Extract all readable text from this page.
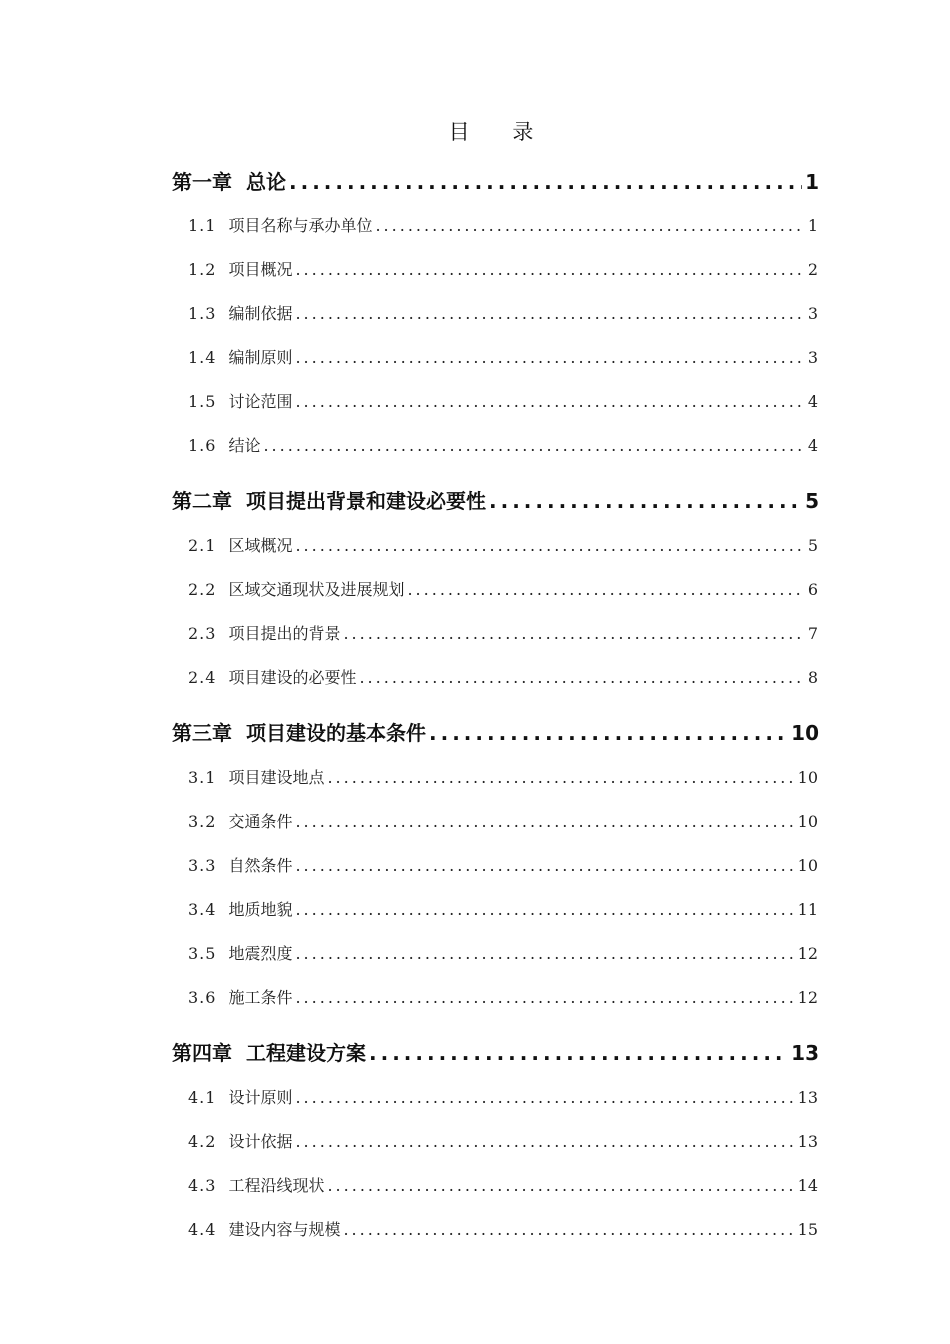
目 录
第一章 总论 .....	1
1.1 项目名称与承办单位 .....	1
1.2 项目概况 .....	2
1.3 编制依据 .....	3
1.4 编制原则 .....	3
1.5 讨论范围 .....	4
1.6 结论 .....	4
第二章 项目提出背景和建设必要性 .....	5
2.1 区域概况 .....	5
2.2 区域交通现状及进展规划 .....	6
2.3 项目提出的背景 .....	7
2.4 项目建设的必要性 .....	8
第三章 项目建设的基本条件 .....	10
3.1 项目建设地点 .....	10
3.2 交通条件 .....	10
3.3 自然条件 .....	10
3.4 地质地貌 .....	11
3.5 地震烈度 .....	12
3.6 施工条件 .....	12
第四章 工程建设方案 .....	13
4.1 设计原则 .....	13
4.2 设计依据 .....	13
4.3 工程沿线现状 .....	14
4.4 建设内容与规模 .....	15
